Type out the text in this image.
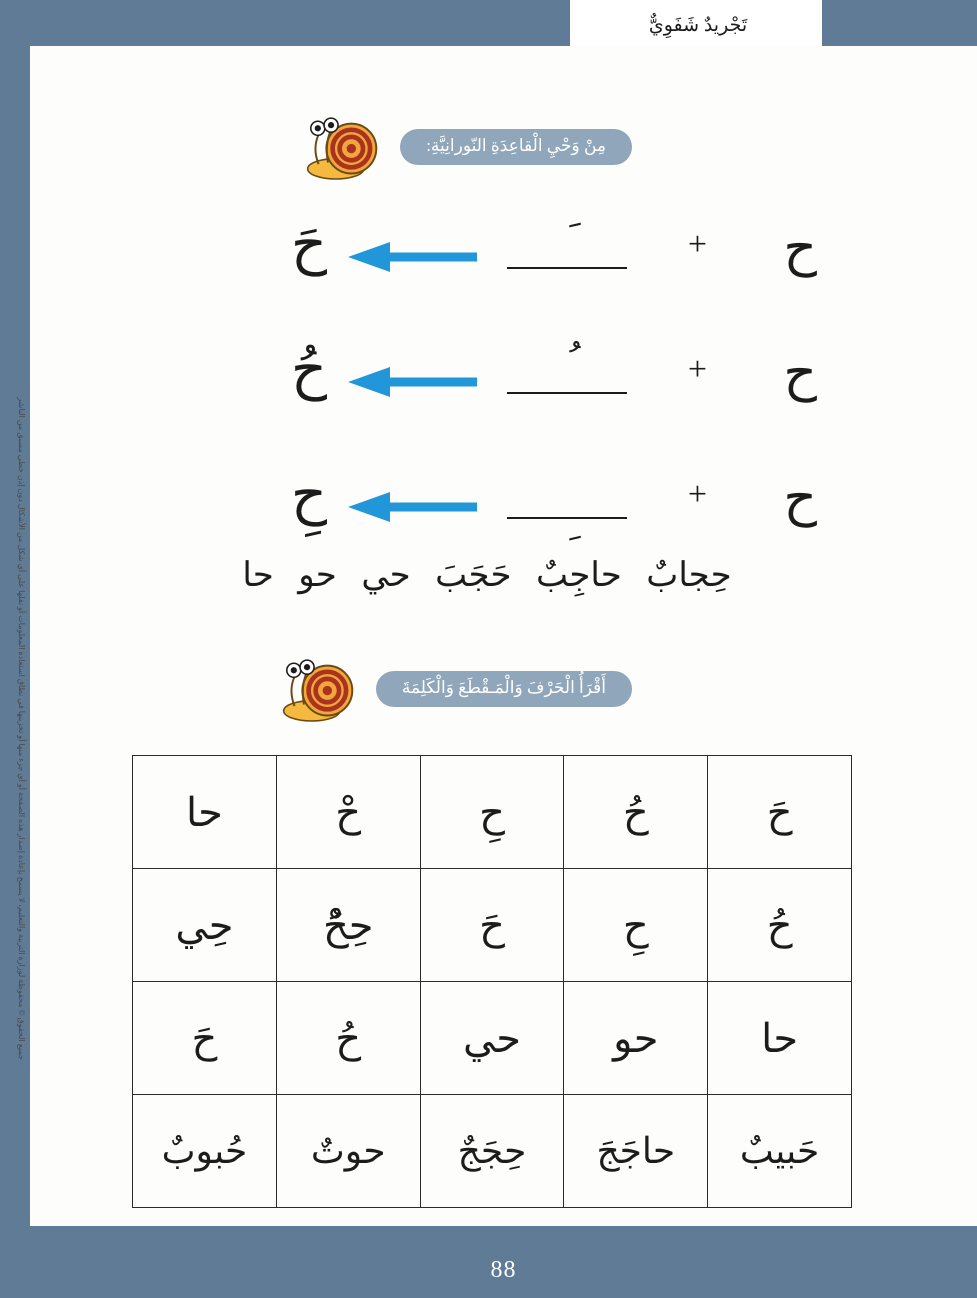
تَجْريدٌ شَفَوِيٌّ
جميع الحقوق © محفوظة لوزارة التربية والتعليم، لا يسمح بإعادة إصدار هذه الصفحة أو أي جزء منها أو تخزينها في نطاق استعادة المعلومات أو نقلها على أي شكل من الأشكال دون إذن خطي مسبق من الناشر
مِنْ وَحْيِ الْقاعِدَةِ النّورانِيَّةِ:
ح
+
حَ
ح
+
حُ
ح
+
حِ
حِجابٌ حاجِبٌ حَجَبَ حي حو حا
أَقْرَأُ الْحَرْفَ وَالْمَـقْطَعَ وَالْكَلِمَةَ
حَ	حُ	حِ	حْ	حا
حُ	حِ	حَ	حِحُْ	حِي
حا	حو	حي	حُ	حَ
حَبيبٌ	حاجَجَ	حِجَجٌ	حوتٌ	حُبوبٌ
88
